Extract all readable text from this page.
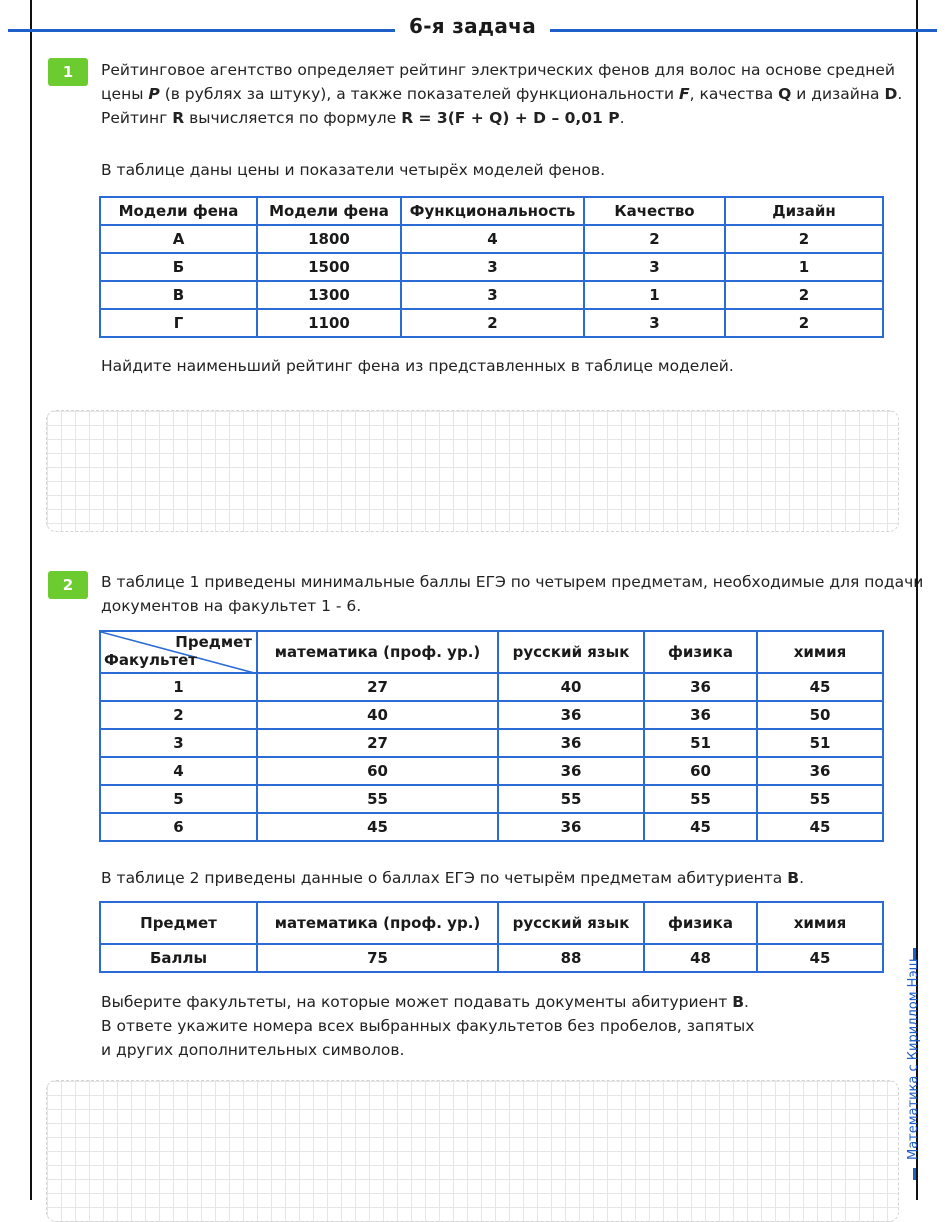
6-я задача
1	Рейтинговое агентство определяет рейтинг электрических фенов для волос на основе средней
цены P (в рублях за штуку), а также показателей функциональности F, качества Q и дизайна D.
Рейтинг R вычисляется по формуле R = 3(F + Q) + D – 0,01 P.
В таблице даны цены и показатели четырёх моделей фенов.
Модели фена	Модели фена	Функциональность	Качество	Дизайн
А	1800	4	2	2
Б	1500	3	3	1
В	1300	3	1	2
Г	1100	2	3	2
Найдите наименьший рейтинг фена из представленных в таблице моделей.
2	В таблице 1 приведены минимальные баллы ЕГЭ по четырем предметам, необходимые для подачи
документов на факультет 1 - 6.
Предмет
Факультет	математика (проф. ур.)	русский язык	физика	химия
1	27	40	36	45
2	40	36	36	50
3	27	36	51	51
4	60	36	60	36
5	55	55	55	55
6	45	36	45	45
В таблице 2 приведены данные о баллах ЕГЭ по четырём предметам абитуриента В.
Предмет	математика (проф. ур.)	русский язык	физика	химия
Баллы	75	88	48	45
Выберите факультеты, на которые может подавать документы абитуриент В.
В ответе укажите номера всех выбранных факультетов без пробелов, запятых
и других дополнительных символов.	Математика с Кириллом Нэш
